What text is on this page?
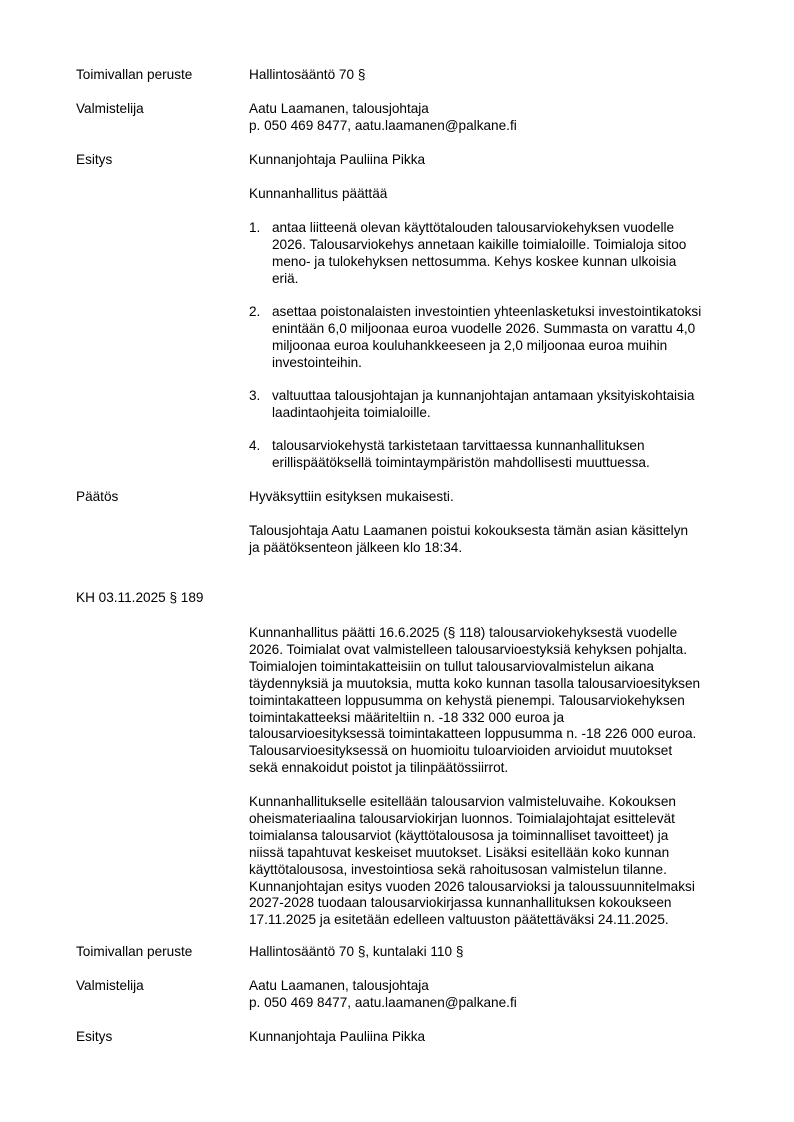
Toimivallan peruste	Hallintosääntö 70 §
Valmistelija	Aatu Laamanen, talousjohtaja
p. 050 469 8477, aatu.laamanen@palkane.fi
Esitys	Kunnanjohtaja Pauliina Pikka
Kunnanhallitus päättää
1. antaa liitteenä olevan käyttötalouden talousarviokehyksen vuodelle
2026. Talousarviokehys annetaan kaikille toimialoille. Toimialoja sitoo
meno- ja tulokehyksen nettosumma. Kehys koskee kunnan ulkoisia
eriä.
2. asettaa poistonalaisten investointien yhteenlasketuksi investointikatoksi
enintään 6,0 miljoonaa euroa vuodelle 2026. Summasta on varattu 4,0
miljoonaa euroa kouluhankkeeseen ja 2,0 miljoonaa euroa muihin
investointeihin.
3. valtuuttaa talousjohtajan ja kunnanjohtajan antamaan yksityiskohtaisia
laadintaohjeita toimialoille.
4. talousarviokehystä tarkistetaan tarvittaessa kunnanhallituksen
erillispäätöksellä toimintaympäristön mahdollisesti muuttuessa.
Päätös	Hyväksyttiin esityksen mukaisesti.
Talousjohtaja Aatu Laamanen poistui kokouksesta tämän asian käsittelyn
ja päätöksenteon jälkeen klo 18:34.
KH 03.11.2025 § 189
Kunnanhallitus päätti 16.6.2025 (§ 118) talousarviokehyksestä vuodelle
2026. Toimialat ovat valmistelleen talousarvioestyksiä kehyksen pohjalta.
Toimialojen toimintakatteisiin on tullut talousarviovalmistelun aikana
täydennyksiä ja muutoksia, mutta koko kunnan tasolla talousarvioesityksen
toimintakatteen loppusumma on kehystä pienempi. Talousarviokehyksen
toimintakatteeksi määriteltiin n. -18 332 000 euroa ja
talousarvioesityksessä toimintakatteen loppusumma n. -18 226 000 euroa.
Talousarvioesityksessä on huomioitu tuloarvioiden arvioidut muutokset
sekä ennakoidut poistot ja tilinpäätössiirrot.
Kunnanhallitukselle esitellään talousarvion valmisteluvaihe. Kokouksen
oheismateriaalina talousarviokirjan luonnos. Toimialajohtajat esittelevät
toimialansa talousarviot (käyttötalousosa ja toiminnalliset tavoitteet) ja
niissä tapahtuvat keskeiset muutokset. Lisäksi esitellään koko kunnan
käyttötalousosa, investointiosa sekä rahoitusosan valmistelun tilanne.
Kunnanjohtajan esitys vuoden 2026 talousarvioksi ja taloussuunnitelmaksi
2027-2028 tuodaan talousarviokirjassa kunnanhallituksen kokoukseen
17.11.2025 ja esitetään edelleen valtuuston päätettäväksi 24.11.2025.
Toimivallan peruste	Hallintosääntö 70 §, kuntalaki 110 §
Valmistelija	Aatu Laamanen, talousjohtaja
p. 050 469 8477, aatu.laamanen@palkane.fi
Esitys	Kunnanjohtaja Pauliina Pikka
